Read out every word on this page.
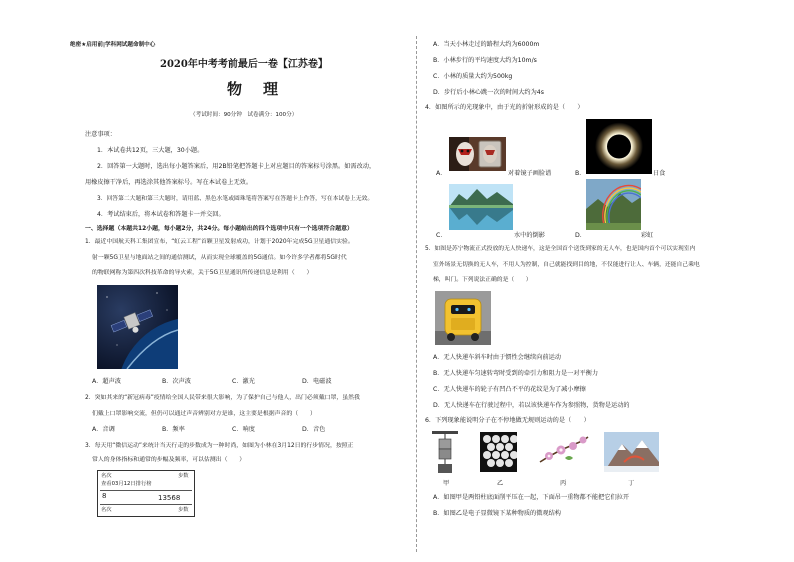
绝密★启用前|学科网试题命制中心
2020年中考考前最后一卷【江苏卷】
物　理
（考试时间：90分钟　试卷满分：100分）
注意事项：
1．本试卷共12页，三大题，30小题。
2．回答第一大题时，选出每小题答案后，用2B铅笔把答题卡上对应题目的答案标号涂黑。如需改动，
用橡皮擦干净后，再选涂其他答案标号。写在本试卷上无效。
3．回答第二大题和第三大题时，请用蓝、黑色水笔或圆珠笔将答案写在答题卡上作答，写在本试卷上无效。
4．考试结束后，将本试卷和答题卡一并交回。
一、选择题（本题共12小题，每小题2分，共24分。每小题给出的四个选项中只有一个选项符合题意）
1．最近中国航天科工集团宣布，“虹云工程”首颗卫星发射成功，计划于2020年完成5G卫星通信实验。
射一颗5G卫星与地面站之间的通信测试，从而实现全球覆盖的5G通信。如今许多学者都将5G时代
的物联网称为第四次科技革命的导火索，关于5G卫星通讯所传递信息是利用（　　）
A．超声波	B．次声波	C．激光	D．电磁波
2．突如其来的“新冠病毒”疫情给全国人民带来很大影响，为了保护自己与他人，出门必须戴口罩，虽然我
们戴上口罩影响交流，但仍可以通过声音辨别对方是谁，这主要是根据声音的（　　）
A．音调	B．频率	C．响度	D．音色
3．每天用“微信运动”来统计当天行走的步数成为一种时尚，如图为小林在3月12日的行步情况，按照正
常人的身体指标和通常的步幅及频率，可以估测出（　　）
名次	步数
查看03月12日排行榜
8	13568
名次	步数
A．当天小林走过的路程大约为6000m
B．小林步行的平均速度大约为10m/s
C．小林的质量大约为500kg
D．步行后小林心跳一次的时间大约为4s
4．如图所示的光现象中，由于光的折射形成的是（　　）
A．	对着镜子画脸谱	B．	日食
C．	水中的倒影	D．	彩虹
5．如图是苏宁物流正式投放的无人快递车，这是全国首个送货到家的无人车，也是国内首个可以实现室内
室外场景无切换的无人车，不用人为控制，自己就能找到目的地，不仅能进行让人、车辆，还能自己乘电
梯，叫门。下列说法正确的是（　　）
A．无人快递车斜车时由于惯性会继续向前运动
B．无人快递车匀速转弯时受到的牵引力和阻力是一对平衡力
C．无人快递车的轮子有凹凸不平的花纹是为了减小摩擦
D．无人快递车在行驶过程中，若以该快递车作为参照物，货物是运动的
6．下列现象能说明分子在不停地做无规则运动的是（　　）
甲	乙	丙	丁
A．如图甲是两铅柱底面削平压在一起，下面吊一重物都不能把它们拉开
B．如图乙是电子显微镜下某种物质的微观结构
